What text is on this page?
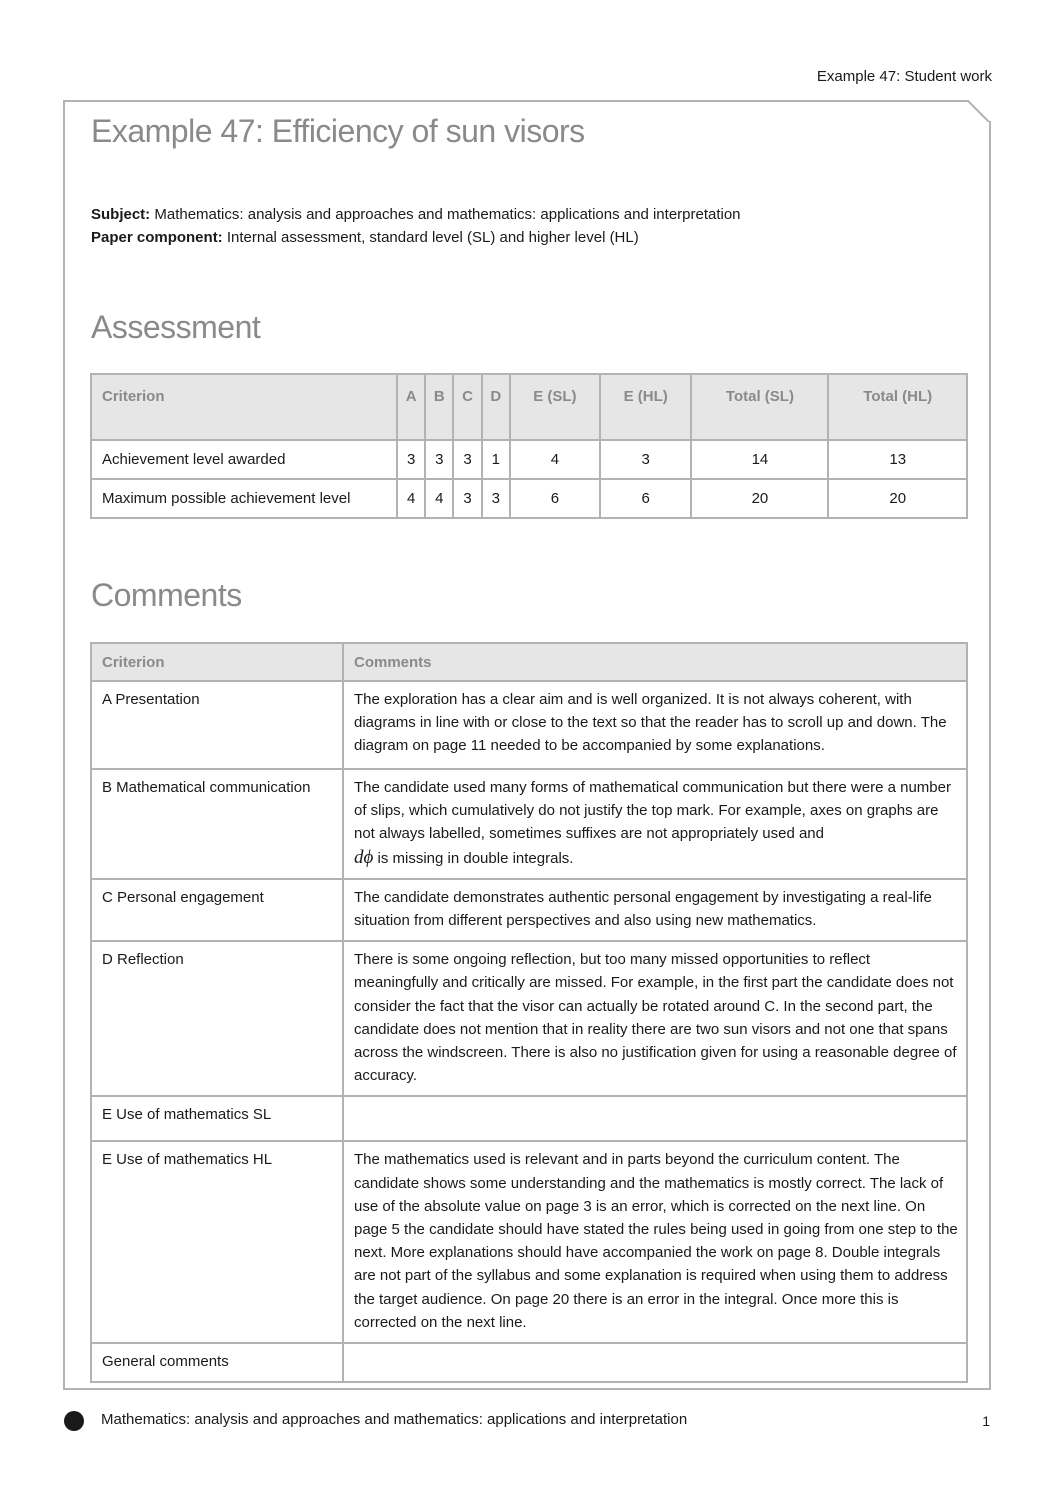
Example 47: Student work
Example 47: Efficiency of sun visors
Subject: Mathematics: analysis and approaches and mathematics: applications and interpretation
Paper component: Internal assessment, standard level (SL) and higher level (HL)
Assessment
Criterion	A	B	C	D	E (SL)	E (HL)	Total (SL)	Total (HL)
Achievement level awarded	3	3	3	1	4	3	14	13
Maximum possible achievement level	4	4	3	3	6	6	20	20
Comments
Criterion	Comments
A Presentation	The exploration has a clear aim and is well organized. It is not always coherent, with diagrams in line with or close to the text so that the reader has to scroll up and down. The diagram on page 11 needed to be accompanied by some explanations.
B Mathematical communication	The candidate used many forms of mathematical communication but there were a number of slips, which cumulatively do not justify the top mark. For example, axes on graphs are not always labelled, sometimes suffixes are not appropriately used and
dϕ is missing in double integrals.
C Personal engagement	The candidate demonstrates authentic personal engagement by investigating a real-life situation from different perspectives and also using new mathematics.
D Reflection	There is some ongoing reflection, but too many missed opportunities to reflect meaningfully and critically are missed. For example, in the first part the candidate does not consider the fact that the visor can actually be rotated around C. In the second part, the candidate does not mention that in reality there are two sun visors and not one that spans across the windscreen. There is also no justification given for using a reasonable degree of accuracy.
E Use of mathematics SL	
E Use of mathematics HL	The mathematics used is relevant and in parts beyond the curriculum content. The candidate shows some understanding and the mathematics is mostly correct. The lack of use of the absolute value on page 3 is an error, which is corrected on the next line. On page 5 the candidate should have stated the rules being used in going from one step to the next. More explanations should have accompanied the work on page 8. Double integrals are not part of the syllabus and some explanation is required when using them to address the target audience. On page 20 there is an error in the integral. Once more this is corrected on the next line.
General comments	
Mathematics: analysis and approaches and mathematics: applications and interpretation	1
